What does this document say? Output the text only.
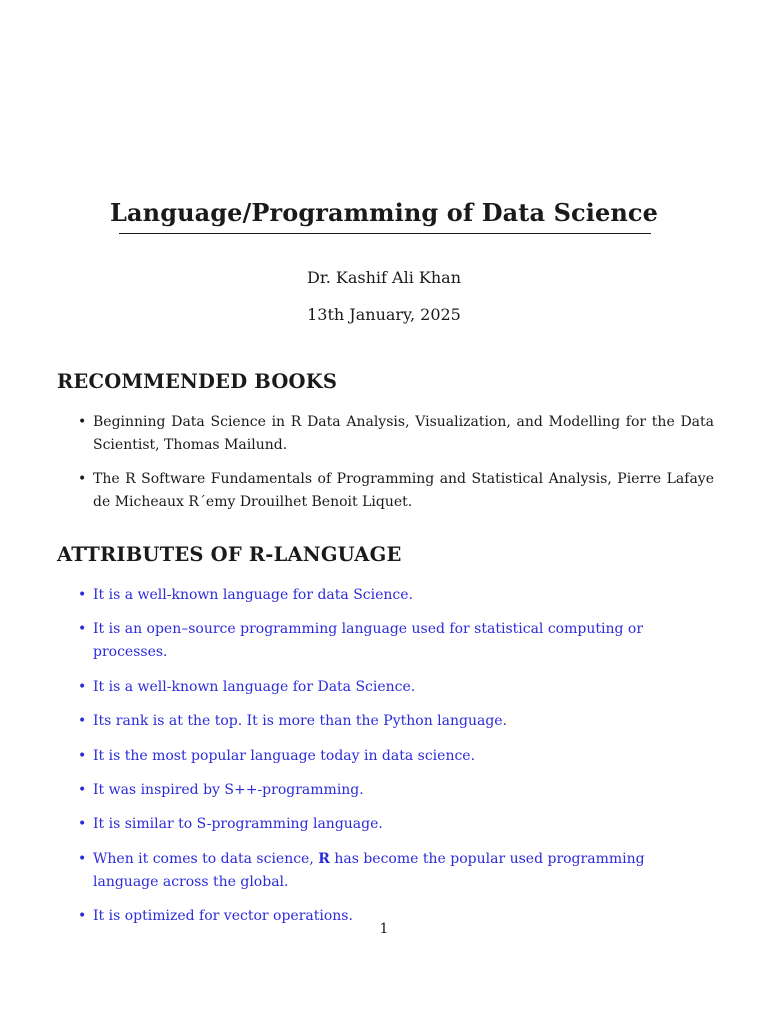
Language/Programming of Data Science
Dr. Kashif Ali Khan
13th January, 2025
RECOMMENDED BOOKS
• Beginning Data Science in R Data Analysis, Visualization, and Modelling for the Data Scientist, Thomas Mailund.
• The R Software Fundamentals of Programming and Statistical Analysis, Pierre Lafaye de Micheaux R´emy Drouilhet Benoit Liquet.
ATTRIBUTES OF R-LANGUAGE
• It is a well-known language for data Science.
• It is an open–source programming language used for statistical computing or processes.
• It is a well-known language for Data Science.
• Its rank is at the top. It is more than the Python language.
• It is the most popular language today in data science.
• It was inspired by S++-programming.
• It is similar to S-programming language.
• When it comes to data science, R has become the popular used programming language across the global.
• It is optimized for vector operations.
1
